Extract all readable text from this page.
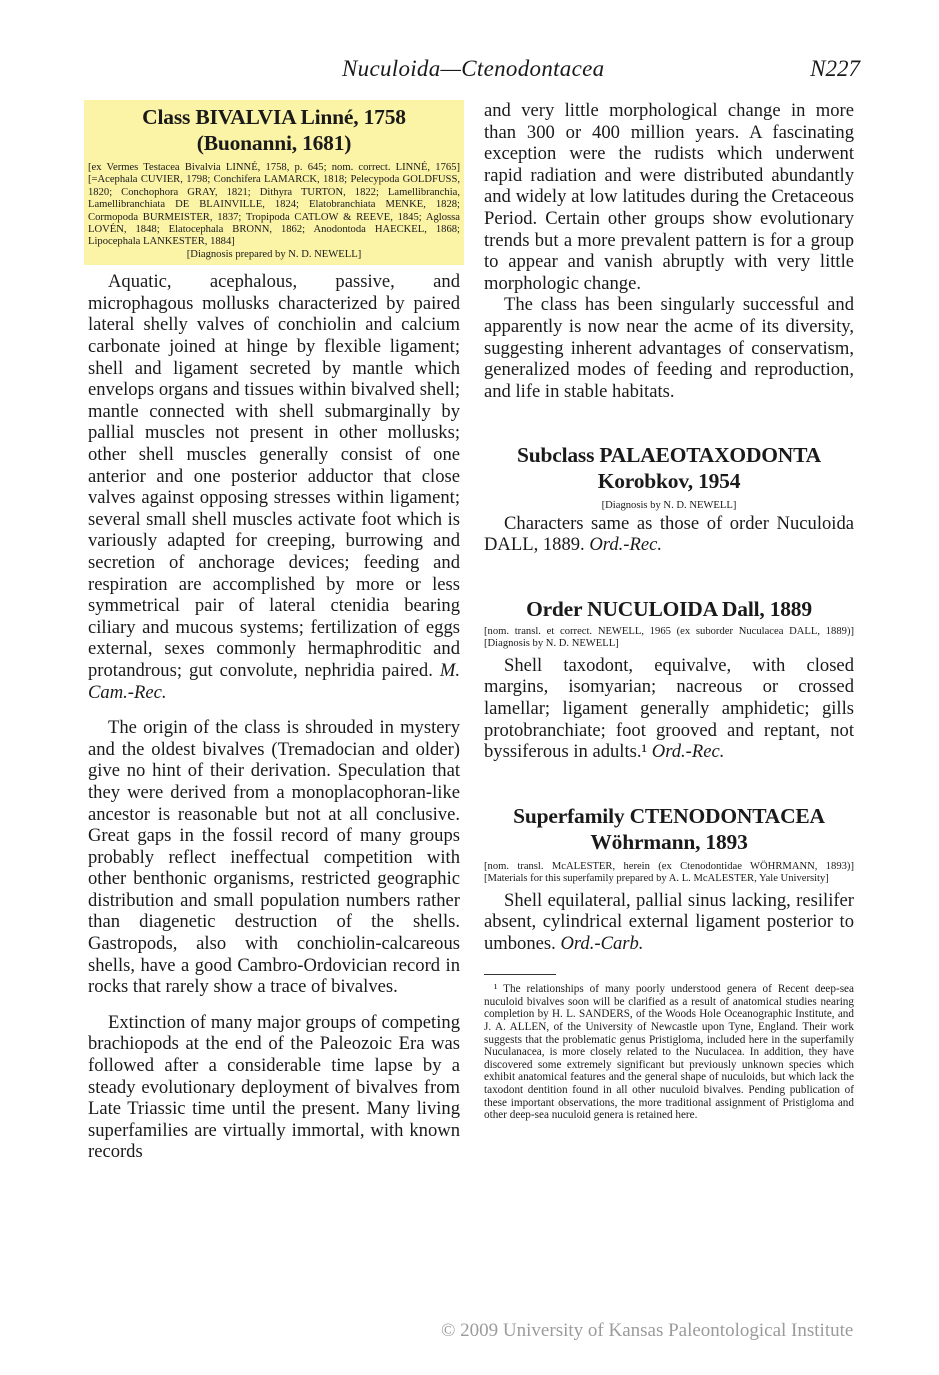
Nuculoida—Ctenodontacea	N227
Class BIVALVIA Linné, 1758
(Buonanni, 1681)
[ex Vermes Testacea Bivalvia LINNÉ, 1758, p. 645; nom. correct. LINNÉ, 1765] [=Acephala CUVIER, 1798; Conchifera LAMARCK, 1818; Pelecypoda GOLDFUSS, 1820; Conchophora GRAY, 1821; Dithyra TURTON, 1822; Lamellibranchia, Lamellibranchiata DE BLAINVILLE, 1824; Elatobranchiata MENKE, 1828; Cormopoda BURMEISTER, 1837; Tropipoda CATLOW & REEVE, 1845; Aglossa LOVÉN, 1848; Elatocephala BRONN, 1862; Anodontoda HAECKEL, 1868; Lipocephala LANKESTER, 1884]
[Diagnosis prepared by N. D. NEWELL]

Aquatic, acephalous, passive, and microphagous mollusks characterized by paired lateral shelly valves of conchiolin and calcium carbonate joined at hinge by flexible ligament; shell and ligament secreted by mantle which envelops organs and tissues within bivalved shell; mantle connected with shell submarginally by pallial muscles not present in other mollusks; other shell muscles generally consist of one anterior and one posterior adductor that close valves against opposing stresses within ligament; several small shell muscles activate foot which is variously adapted for creeping, burrowing and secretion of anchorage devices; feeding and respiration are accomplished by more or less symmetrical pair of lateral ctenidia bearing ciliary and mucous systems; fertilization of eggs external, sexes commonly hermaphroditic and protandrous; gut convolute, nephridia paired. M. Cam.-Rec.

The origin of the class is shrouded in mystery and the oldest bivalves (Tremadocian and older) give no hint of their derivation. Speculation that they were derived from a monoplacophoran-like ancestor is reasonable but not at all conclusive. Great gaps in the fossil record of many groups probably reflect ineffectual competition with other benthonic organisms, restricted geographic distribution and small population numbers rather than diagenetic destruction of the shells. Gastropods, also with conchiolin-calcareous shells, have a good Cambro-Ordovician record in rocks that rarely show a trace of bivalves.

Extinction of many major groups of competing brachiopods at the end of the Paleozoic Era was followed after a considerable time lapse by a steady evolutionary deployment of bivalves from Late Triassic time until the present. Many living superfamilies are virtually immortal, with known records

and very little morphological change in more than 300 or 400 million years. A fascinating exception were the rudists which underwent rapid radiation and were distributed abundantly and widely at low latitudes during the Cretaceous Period. Certain other groups show evolutionary trends but a more prevalent pattern is for a group to appear and vanish abruptly with very little morphologic change.

The class has been singularly successful and apparently is now near the acme of its diversity, suggesting inherent advantages of conservatism, generalized modes of feeding and reproduction, and life in stable habitats.

Subclass PALAEOTAXODONTA
Korobkov, 1954
[Diagnosis by N. D. NEWELL]

Characters same as those of order Nuculoida DALL, 1889. Ord.-Rec.

Order NUCULOIDA Dall, 1889
[nom. transl. et correct. NEWELL, 1965 (ex suborder Nuculacea DALL, 1889)] [Diagnosis by N. D. NEWELL]

Shell taxodont, equivalve, with closed margins, isomyarian; nacreous or crossed lamellar; ligament generally amphidetic; gills protobranchiate; foot grooved and reptant, not byssiferous in adults.¹ Ord.-Rec.

Superfamily CTENODONTACEA
Wöhrmann, 1893
[nom. transl. McALESTER, herein (ex Ctenodontidae WÖHRMANN, 1893)] [Materials for this superfamily prepared by A. L. McALESTER, Yale University]

Shell equilateral, pallial sinus lacking, resilifer absent, cylindrical external ligament posterior to umbones. Ord.-Carb.

¹ The relationships of many poorly understood genera of Recent deep-sea nuculoid bivalves soon will be clarified as a result of anatomical studies nearing completion by H. L. SANDERS, of the Woods Hole Oceanographic Institute, and J. A. ALLEN, of the University of Newcastle upon Tyne, England. Their work suggests that the problematic genus Pristigloma, included here in the superfamily Nuculanacea, is more closely related to the Nuculacea. In addition, they have discovered some extremely significant but previously unknown species which exhibit anatomical features and the general shape of nuculoids, but which lack the taxodont dentition found in all other nuculoid bivalves. Pending publication of these important observations, the more traditional assignment of Pristigloma and other deep-sea nuculoid genera is retained here.
© 2009 University of Kansas Paleontological Institute
